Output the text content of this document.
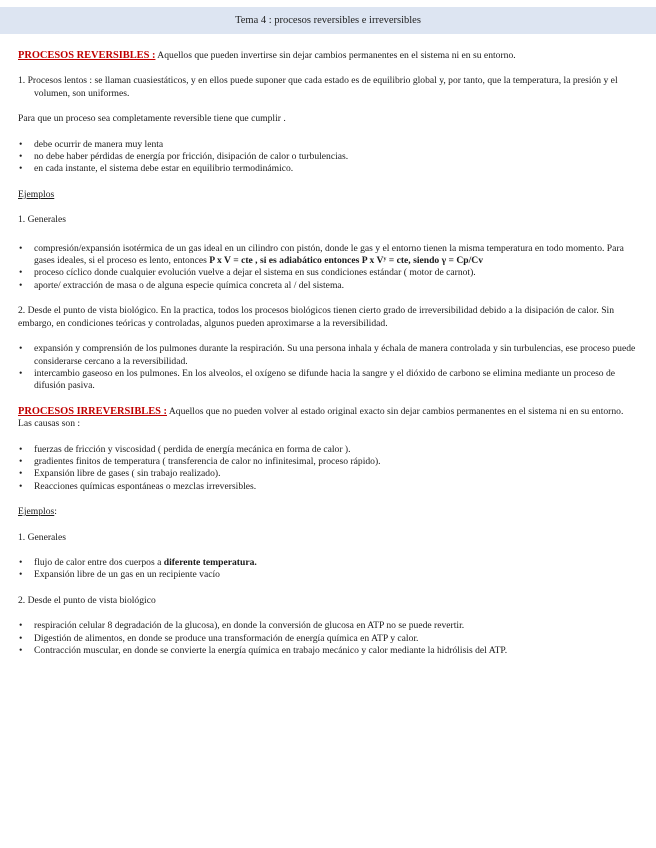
Tema 4 : procesos reversibles e irreversibles

PROCESOS REVERSIBLES : Aquellos que pueden invertirse sin dejar cambios permanentes en el sistema ni en su entorno.

1. Procesos lentos : se llaman cuasiestáticos, y en ellos puede suponer que cada estado es de equilibrio global y, por tanto, que la temperatura, la presión y el volumen, son uniformes.

Para que un proceso sea completamente reversible tiene que cumplir .

• debe ocurrir de manera muy lenta
• no debe haber pérdidas de energía por fricción, disipación de calor o turbulencias.
• en cada instante, el sistema debe estar en equilibrio termodinámico.

Ejemplos

1. Generales

• compresión/expansión isotérmica de un gas ideal en un cilindro con pistón, donde le gas y el entorno tienen la misma temperatura en todo momento. Para gases ideales, si el proceso es lento, entonces P x V = cte , si es adiabático entonces P x Vʸ = cte, siendo γ = Cp/Cv
• proceso cíclico donde cualquier evolución vuelve a dejar el sistema en sus condiciones estándar ( motor de carnot).
• aporte/ extracción de masa o de alguna especie química concreta al / del sistema.

2. Desde el punto de vista biológico. En la practica, todos los procesos biológicos tienen cierto grado de irreversibilidad debido a la disipación de calor. Sin embargo, en condiciones teóricas y controladas, algunos pueden aproximarse a la reversibilidad.

• expansión y comprensión de los pulmones durante la respiración. Su una persona inhala y échala de manera controlada y sin turbulencias, ese proceso puede considerarse cercano a la reversibilidad.
• intercambio gaseoso en los pulmones. En los alveolos, el oxígeno se difunde hacia la sangre y el dióxido de carbono se elimina mediante un proceso de difusión pasiva.

PROCESOS IRREVERSIBLES : Aquellos que no pueden volver al estado original exacto sin dejar cambios permanentes en el sistema ni en su entorno. Las causas son :

• fuerzas de fricción y viscosidad ( perdida de energía mecánica en forma de calor ).
• gradientes finitos de temperatura ( transferencia de calor no infinitesimal, proceso rápido).
• Expansión libre de gases ( sin trabajo realizado).
• Reacciones químicas espontáneas o mezclas irreversibles.

Ejemplos:

1. Generales

• flujo de calor entre dos cuerpos a diferente temperatura.
• Expansión libre de un gas en un recipiente vacío

2. Desde el punto de vista biológico

• respiración celular 8 degradación de la glucosa), en donde la conversión de glucosa en ATP no se puede revertir.
• Digestión de alimentos, en donde se produce una transformación de energía química en ATP y calor.
• Contracción muscular, en donde se convierte la energía química en trabajo mecánico y calor mediante la hidrólisis del ATP.
